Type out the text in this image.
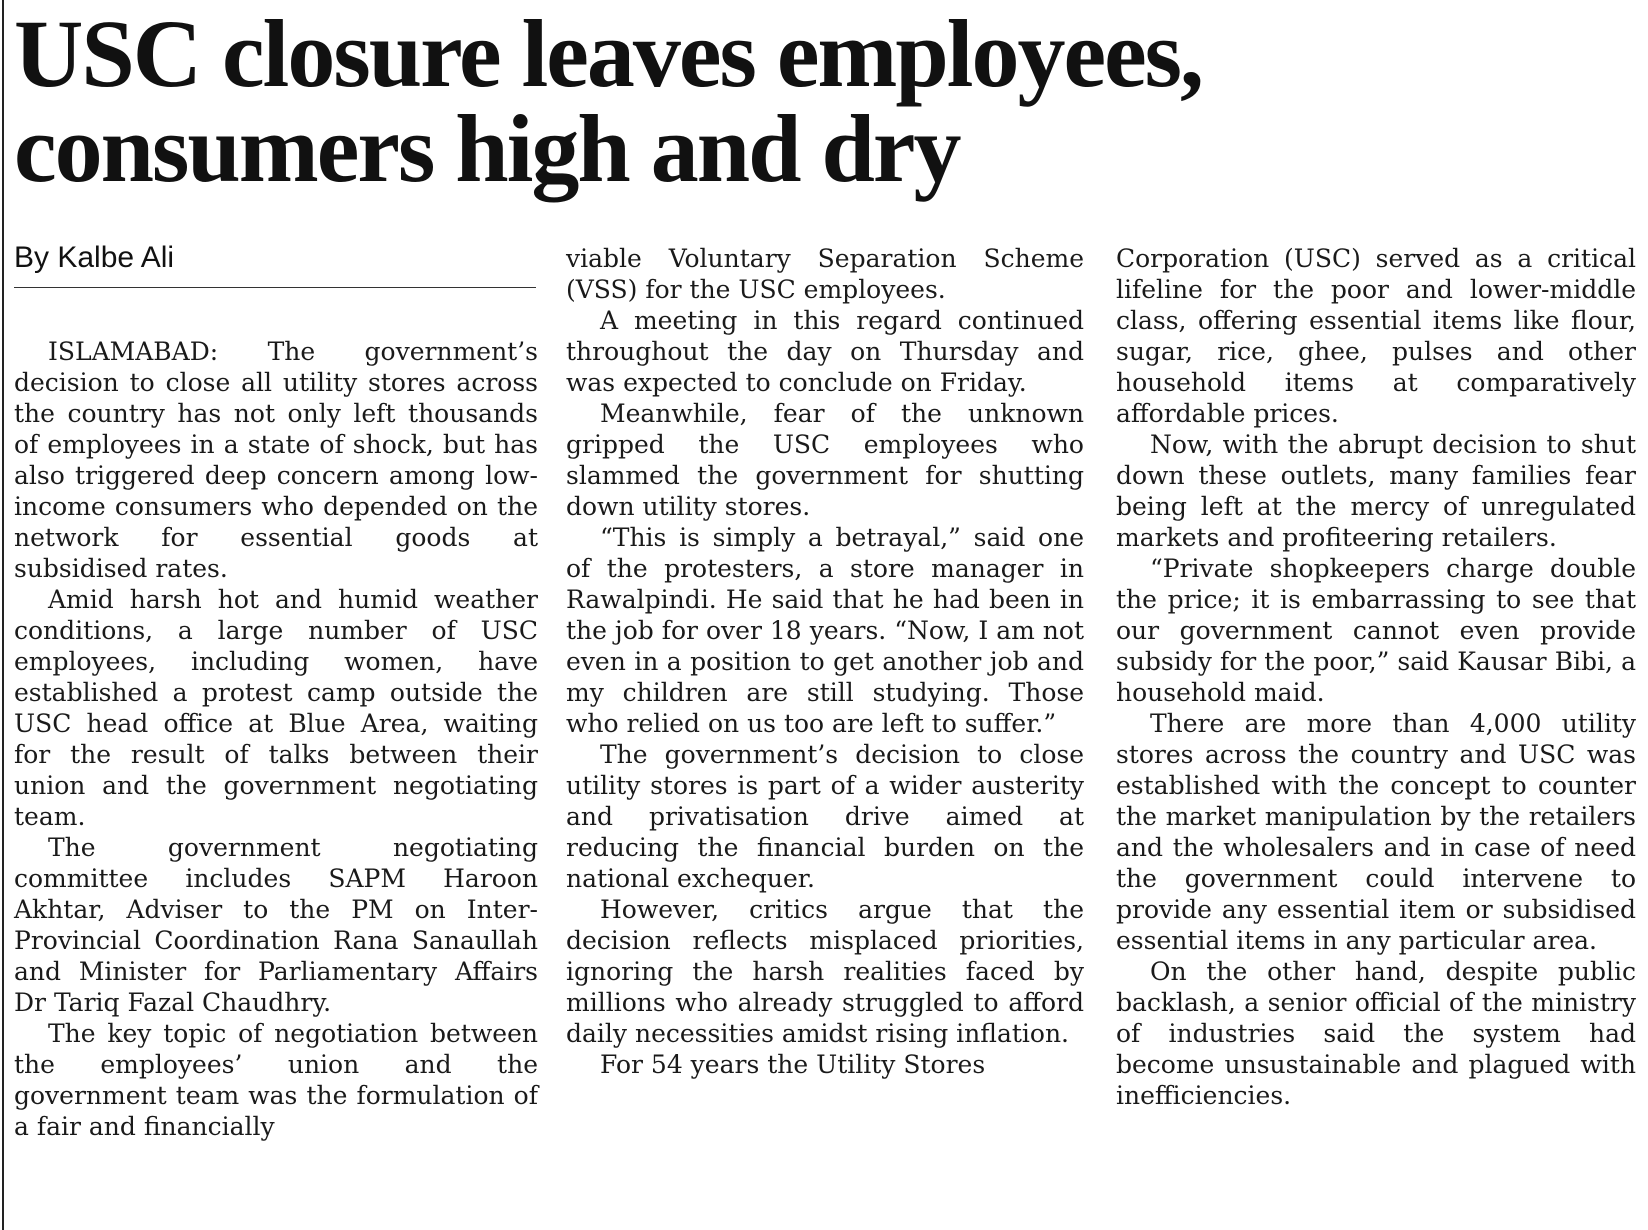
USC closure leaves employees, consumers high and dry
By Kalbe Ali

ISLAMABAD: The government’s decision to close all utility stores across the country has not only left thousands of employees in a state of shock, but has also triggered deep concern among low-income consumers who depended on the network for essential goods at subsidised rates.

Amid harsh hot and humid weather conditions, a large number of USC employees, including women, have established a protest camp outside the USC head office at Blue Area, waiting for the result of talks between their union and the government negotiating team.

The government negotiating committee includes SAPM Haroon Akhtar, Adviser to the PM on Inter-Provincial Coordination Rana Sanaullah and Minister for Parliamentary Affairs Dr Tariq Fazal Chaudhry.

The key topic of negotiation between the employees’ union and the government team was the formulation of a fair and financially

viable Voluntary Separation Scheme (VSS) for the USC employees.

A meeting in this regard continued throughout the day on Thursday and was expected to conclude on Friday.

Meanwhile, fear of the unknown gripped the USC employees who slammed the government for shutting down utility stores.

“This is simply a betrayal,” said one of the protesters, a store manager in Rawalpindi. He said that he had been in the job for over 18 years. “Now, I am not even in a position to get another job and my children are still studying. Those who relied on us too are left to suffer.”

The government’s decision to close utility stores is part of a wider austerity and privatisation drive aimed at reducing the financial burden on the national exchequer.

However, critics argue that the decision reflects misplaced priorities, ignoring the harsh realities faced by millions who already struggled to afford daily necessities amidst rising inflation.

For 54 years the Utility Stores

Corporation (USC) served as a critical lifeline for the poor and lower-middle class, offering essential items like flour, sugar, rice, ghee, pulses and other household items at comparatively affordable prices.

Now, with the abrupt decision to shut down these outlets, many families fear being left at the mercy of unregulated markets and profiteering retailers.

“Private shopkeepers charge double the price; it is embarrassing to see that our government cannot even provide subsidy for the poor,” said Kausar Bibi, a household maid.

There are more than 4,000 utility stores across the country and USC was established with the concept to counter the market manipulation by the retailers and the wholesalers and in case of need the government could intervene to provide any essential item or subsidised essential items in any particular area.

On the other hand, despite public backlash, a senior official of the ministry of industries said the system had become unsustainable and plagued with inefficiencies.
